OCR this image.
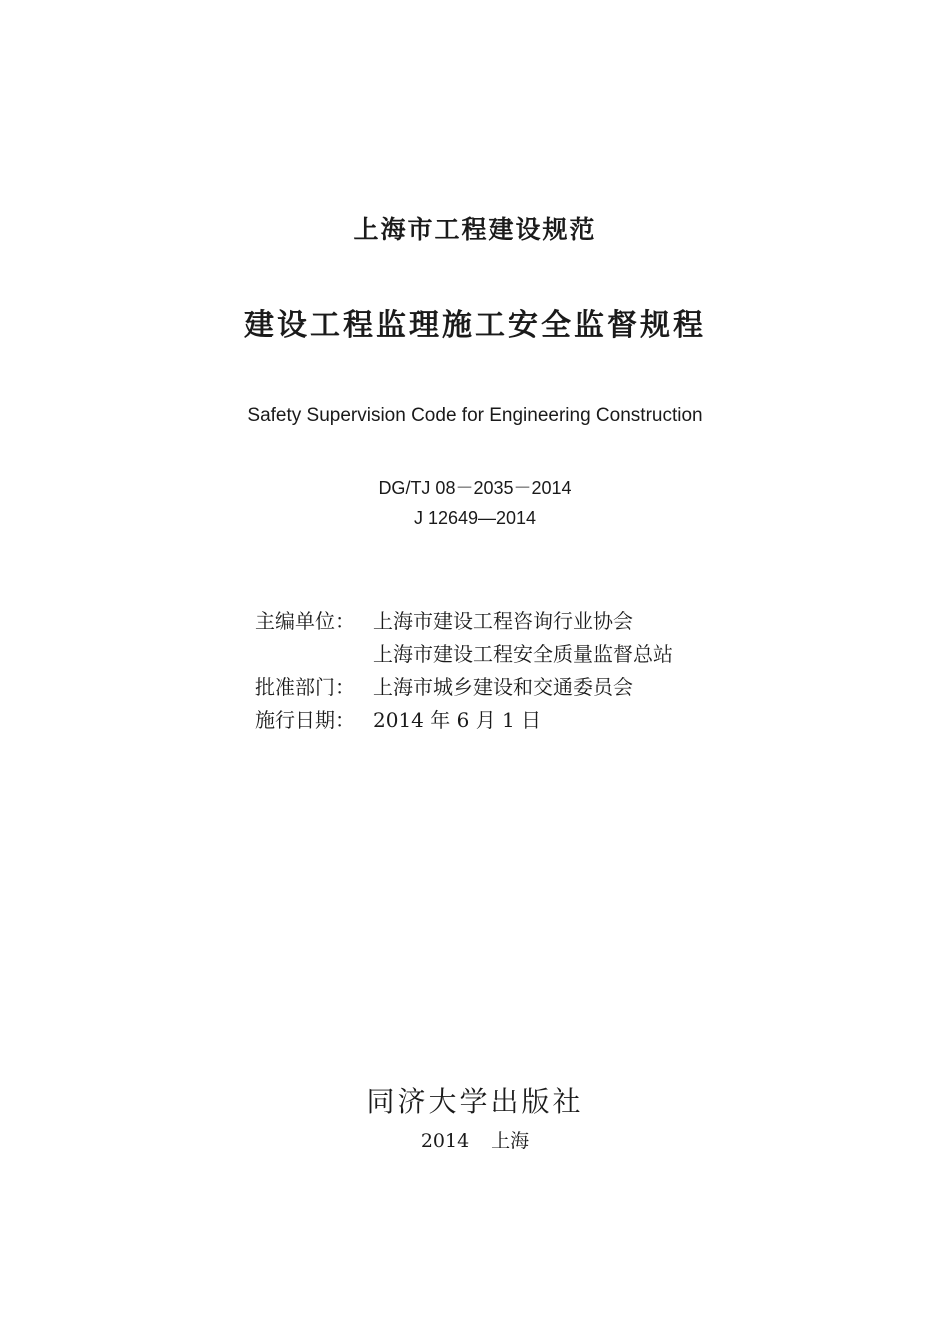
上海市工程建设规范
建设工程监理施工安全监督规程
Safety Supervision Code for Engineering Construction
DG/TJ 08－2035－2014
J 12649—2014
主编单位： 上海市建设工程咨询行业协会
上海市建设工程安全质量监督总站
批准部门： 上海市城乡建设和交通委员会
施行日期： 2014 年 6 月 1 日
同济大学出版社
2014 上海
